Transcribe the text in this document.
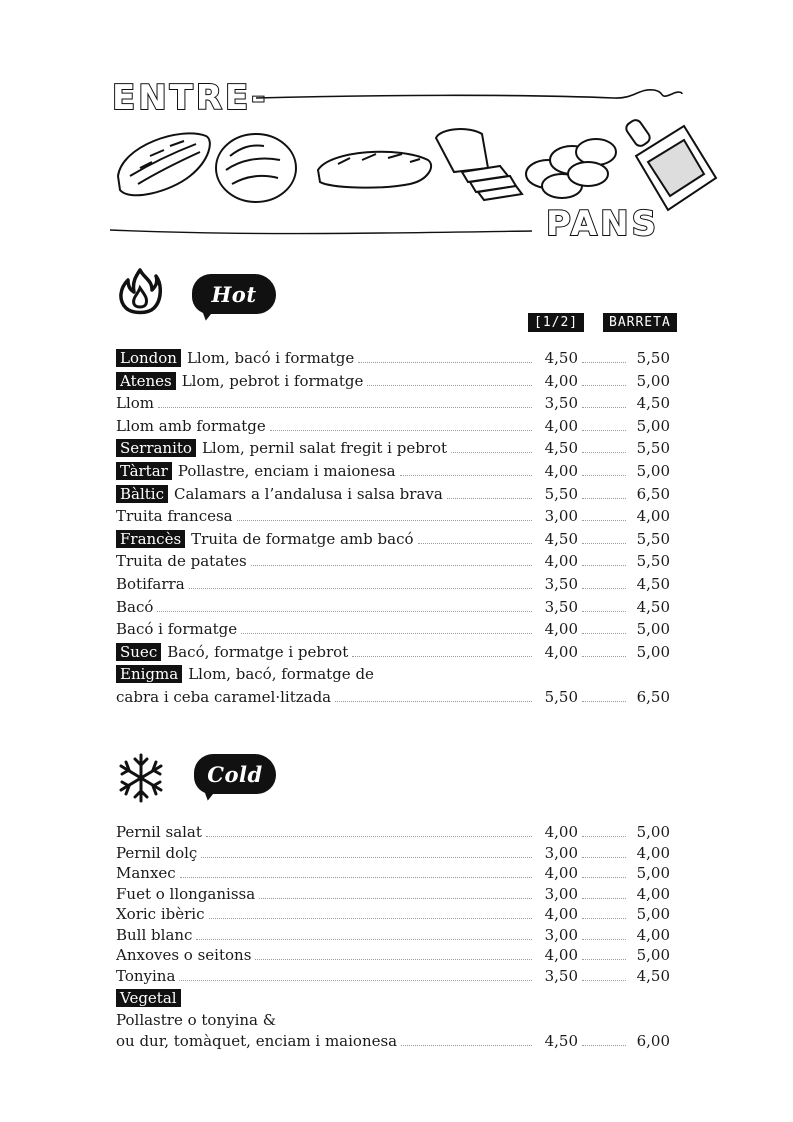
ENTRE-
PANS
Hot
[1/2]	BARRETA
London Llom, bacó i formatge	4,50	5,50
Atenes Llom, pebrot i formatge	4,00	5,00
Llom	3,50	4,50
Llom amb formatge	4,00	5,00
Serranito Llom, pernil salat fregit i pebrot	4,50	5,50
Tàrtar Pollastre, enciam i maionesa	4,00	5,00
Bàltic Calamars a l’andalusa i salsa brava	5,50	6,50
Truita francesa	3,00	4,00
Francès Truita de formatge amb bacó	4,50	5,50
Truita de patates	4,00	5,50
Botifarra	3,50	4,50
Bacó	3,50	4,50
Bacó i formatge	4,00	5,00
Suec Bacó, formatge i pebrot	4,00	5,00
Enigma Llom, bacó, formatge de
cabra i ceba caramel·litzada	5,50	6,50
Cold
Pernil salat	4,00	5,00
Pernil dolç	3,00	4,00
Manxec	4,00	5,00
Fuet o llonganissa	3,00	4,00
Xoric ibèric	4,00	5,00
Bull blanc	3,00	4,00
Anxoves o seitons	4,00	5,00
Tonyina	3,50	4,50
Vegetal
Pollastre o tonyina &
ou dur, tomàquet, enciam i maionesa	4,50	6,00
